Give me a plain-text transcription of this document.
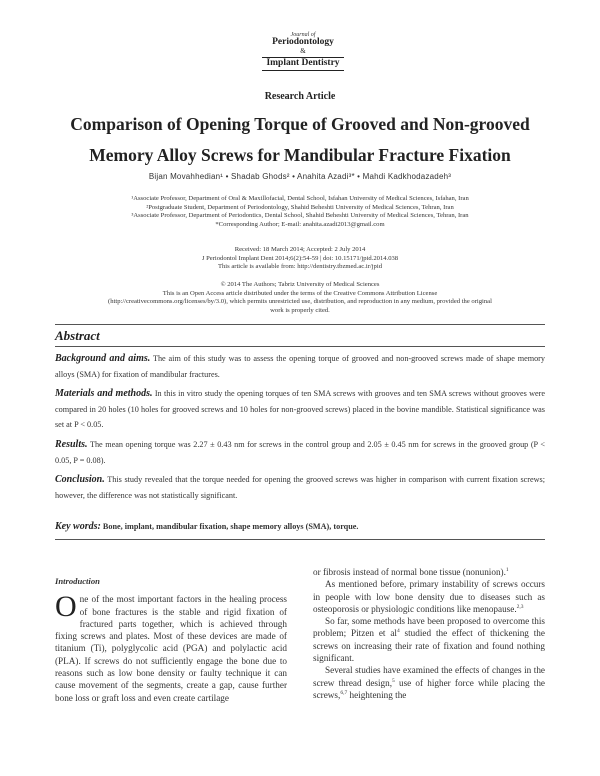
Journal of
Periodontology
&
Implant Dentistry
Research Article
Comparison of Opening Torque of Grooved and Non-grooved Memory Alloy Screws for Mandibular Fracture Fixation
Bijan Movahhedian¹ • Shadab Ghods² • Anahita Azadi³* • Mahdi Kadkhodazadeh³
¹Associate Professor, Department of Oral & Maxillofacial, Dental School, Isfahan University of Medical Sciences, Isfahan, Iran
²Postgraduate Student, Department of Periodontology, Shahid Beheshti University of Medical Sciences, Tehran, Iran
³Associate Professor, Department of Periodontics, Dental School, Shahid Beheshti University of Medical Sciences, Tehran, Iran
*Corresponding Author; E-mail: anahita.azadi2013@gmail.com
Received: 18 March 2014; Accepted: 2 July 2014
J Periodontol Implant Dent 2014;6(2):54-59 | doi: 10.15171/jpid.2014.038
This article is available from: http://dentistry.tbzmed.ac.ir/jpid
© 2014 The Authors; Tabriz University of Medical Sciences
This is an Open Access article distributed under the terms of the Creative Commons Attribution License
(http://creativecommons.org/licenses/by/3.0), which permits unrestricted use, distribution, and reproduction in any medium, provided the original
work is properly cited.
Abstract

Background and aims. The aim of this study was to assess the opening torque of grooved and non-grooved screws made of shape memory alloys (SMA) for fixation of mandibular fractures.

Materials and methods. In this in vitro study the opening torques of ten SMA screws with grooves and ten SMA screws without grooves were compared in 20 holes (10 holes for grooved screws and 10 holes for non-grooved screws) placed in the bovine mandible. Statistical significance was set at P < 0.05.

Results. The mean opening torque was 2.27 ± 0.43 nm for screws in the control group and 2.05 ± 0.45 nm for screws in the grooved group (P < 0.05, P = 0.08).

Conclusion. This study revealed that the torque needed for opening the grooved screws was higher in comparison with current fixation screws; however, the difference was not statistically significant.

Key words: Bone, implant, mandibular fixation, shape memory alloys (SMA), torque.
Introduction

One of the most important factors in the healing process of bone fractures is the stable and rigid fixation of fractured parts together, which is achieved through fixing screws and plates. Most of these devices are made of titanium (Ti), polyglycolic acid (PGA) and polylactic acid (PLA). If screws do not sufficiently engage the bone due to reasons such as low bone density or faulty technique it can cause movement of the segments, create a gap, cause further bone loss or graft loss and even create cartilage

or fibrosis instead of normal bone tissue (nonunion).$^1$

As mentioned before, primary instability of screws occurs in people with low bone density due to diseases such as osteoporosis or physiologic conditions like menopause.$^{2,3}$

So far, some methods have been proposed to overcome this problem; Pitzen et $al^4$ studied the effect of thickening the screws on increasing their rate of fixation and found nothing significant.

Several studies have examined the effects of changes in the screw thread design,$^5$ use of higher force while placing the screws,$^{6,7}$ heightening the
